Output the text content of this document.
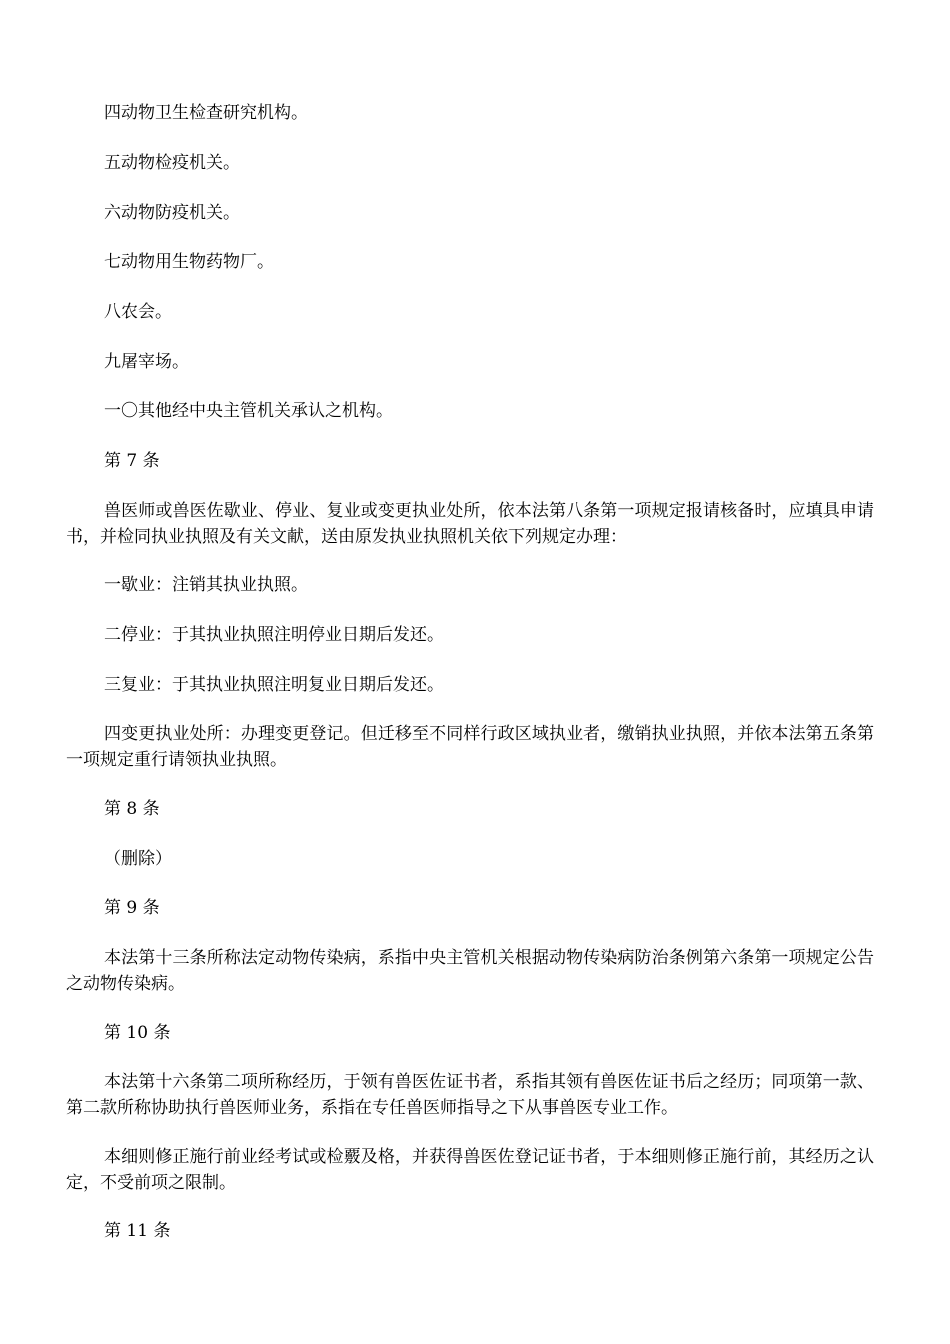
四动物卫生检查研究机构。

五动物检疫机关。

六动物防疫机关。

七动物用生物药物厂。

八农会。

九屠宰场。

一〇其他经中央主管机关承认之机构。

第 7 条

兽医师或兽医佐歇业、停业、复业或变更执业处所，依本法第八条第一项规定报请核备时，应填具申请书，并检同执业执照及有关文献，送由原发执业执照机关依下列规定办理：

一歇业：注销其执业执照。

二停业：于其执业执照注明停业日期后发还。

三复业：于其执业执照注明复业日期后发还。

四变更执业处所：办理变更登记。但迁移至不同样行政区域执业者，缴销执业执照，并依本法第五条第一项规定重行请领执业执照。

第 8 条

（删除）

第 9 条

本法第十三条所称法定动物传染病，系指中央主管机关根据动物传染病防治条例第六条第一项规定公告之动物传染病。

第 10 条

本法第十六条第二项所称经历，于领有兽医佐证书者，系指其领有兽医佐证书后之经历；同项第一款、第二款所称协助执行兽医师业务，系指在专任兽医师指导之下从事兽医专业工作。

本细则修正施行前业经考试或检覈及格，并获得兽医佐登记证书者，于本细则修正施行前，其经历之认定，不受前项之限制。

第 11 条
